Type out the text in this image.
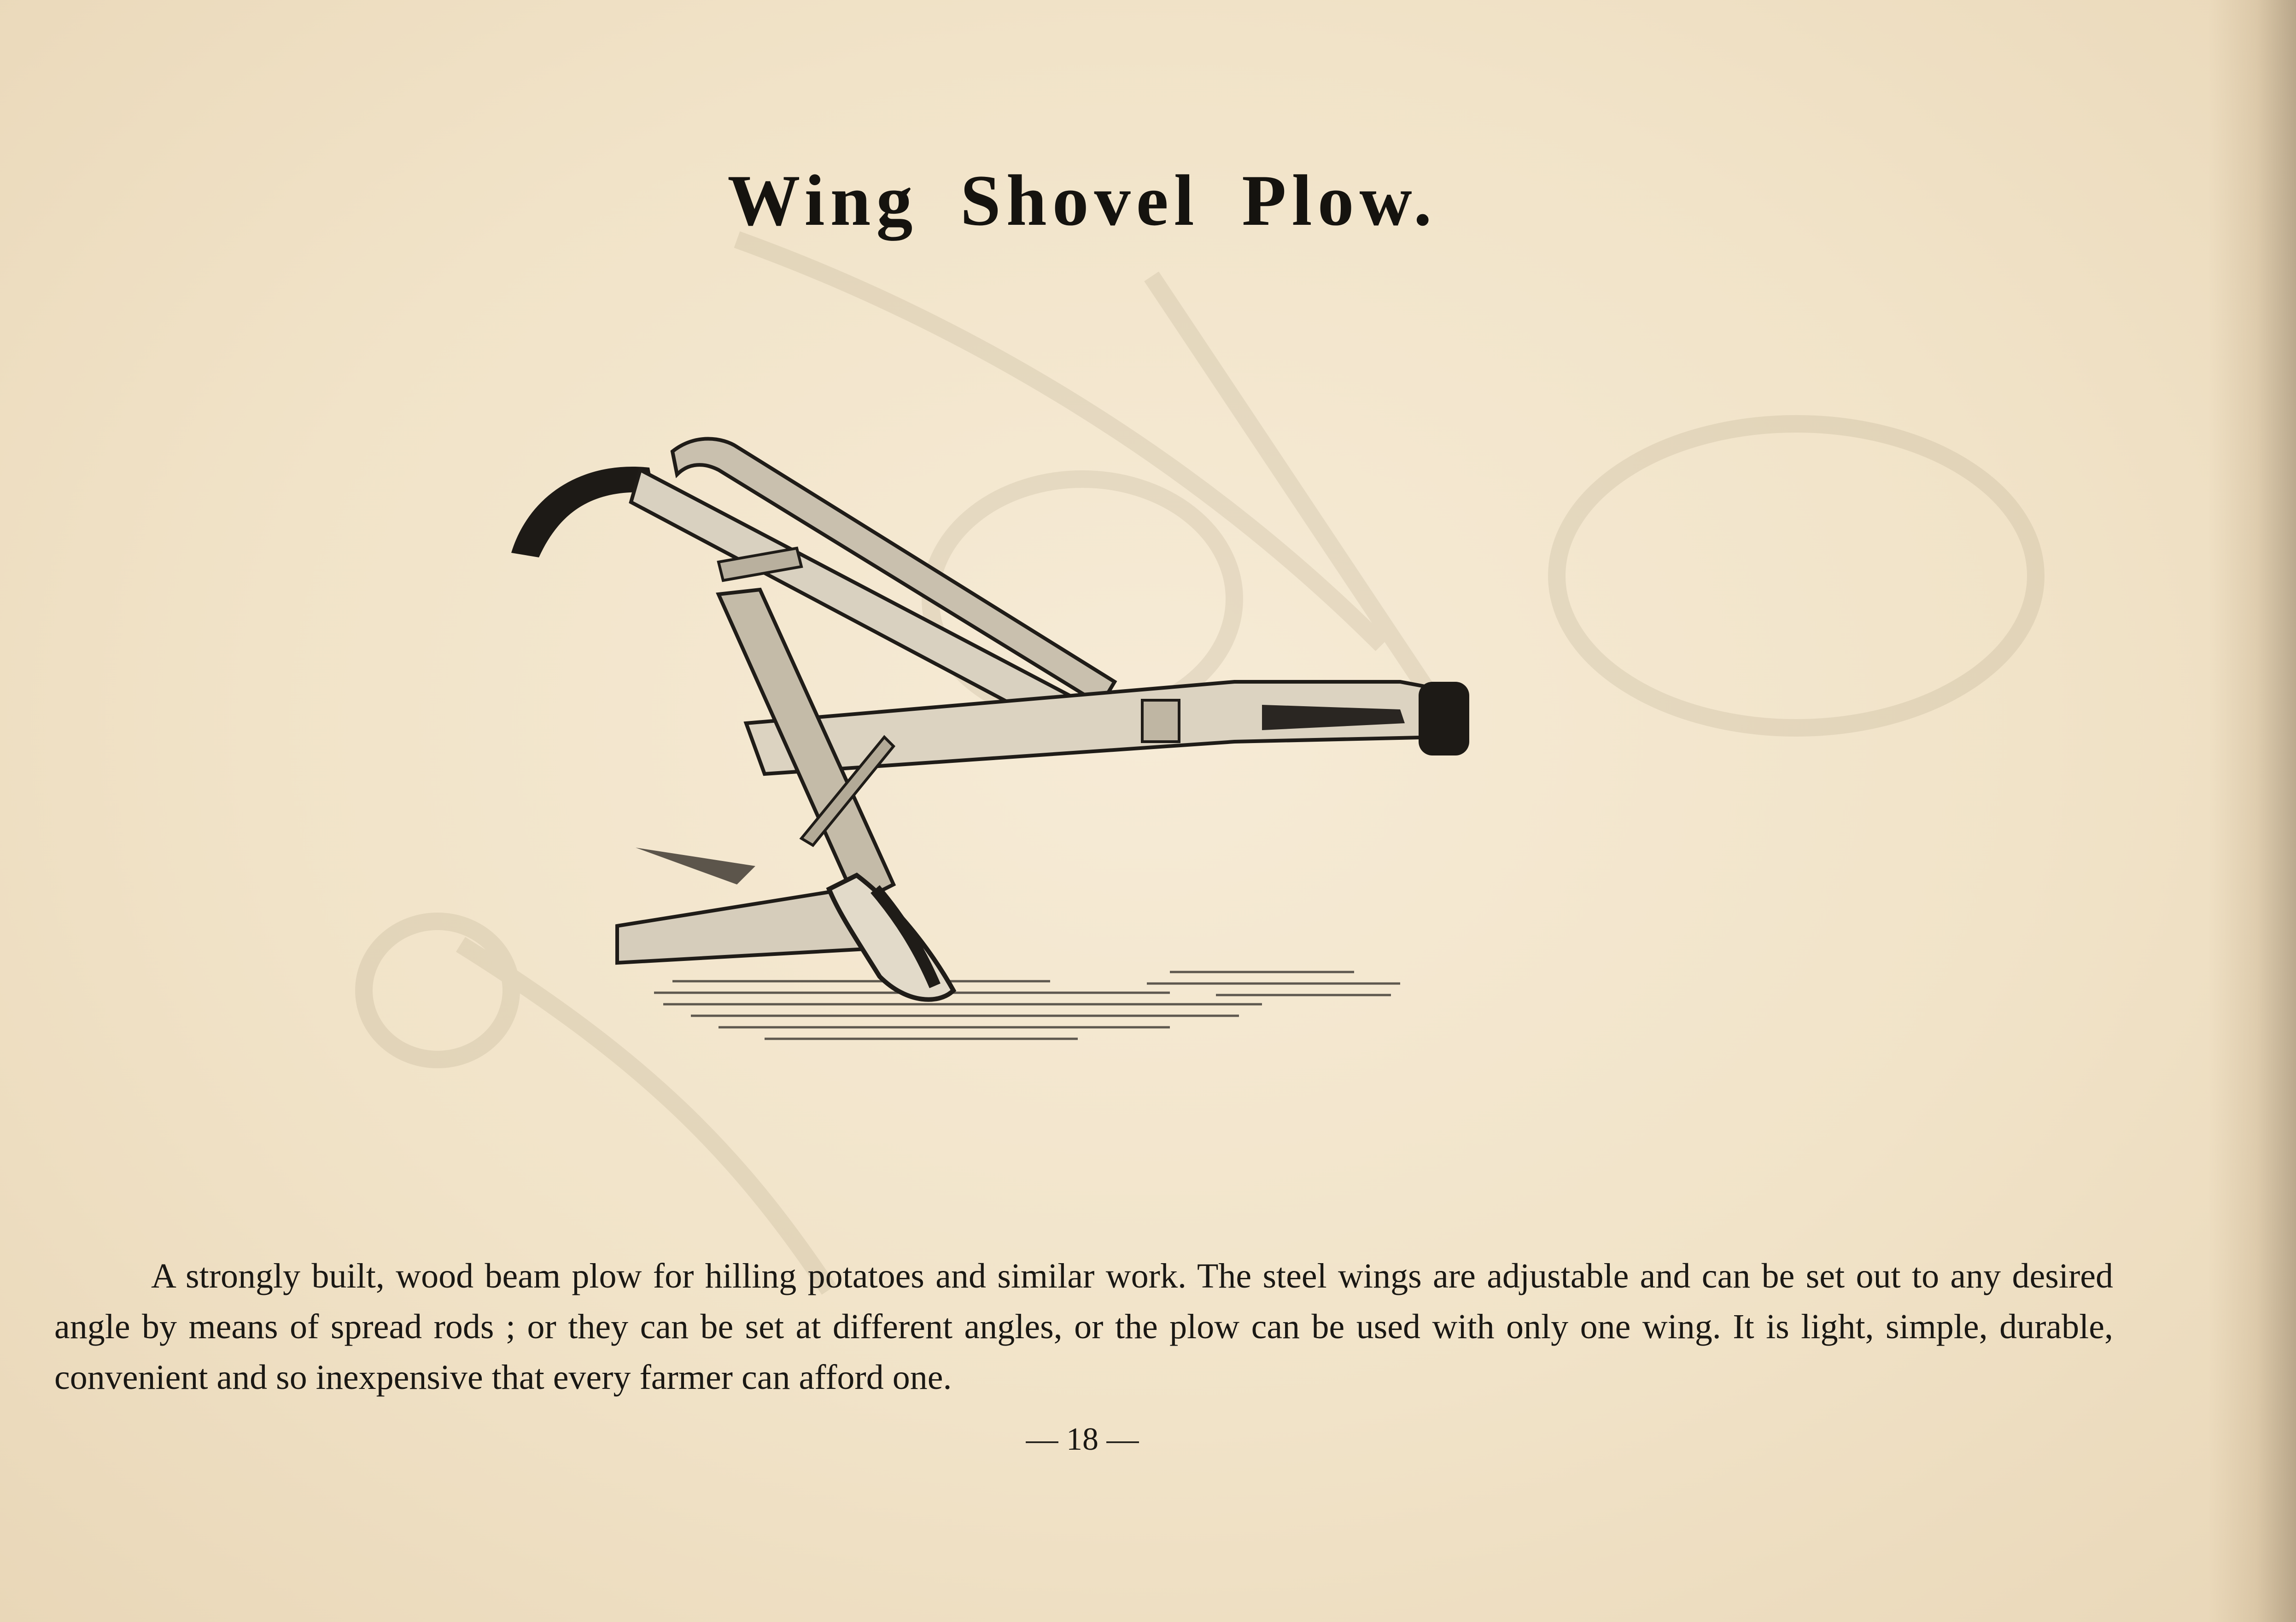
Wing Shovel Plow.
A strongly built, wood beam plow for hilling potatoes and similar work. The steel wings are adjustable and can be set out to any desired angle by means of spread rods ; or they can be set at different angles, or the plow can be used with only one wing. It is light, simple, durable, convenient and so inexpensive that every farmer can afford one.
— 18 —
